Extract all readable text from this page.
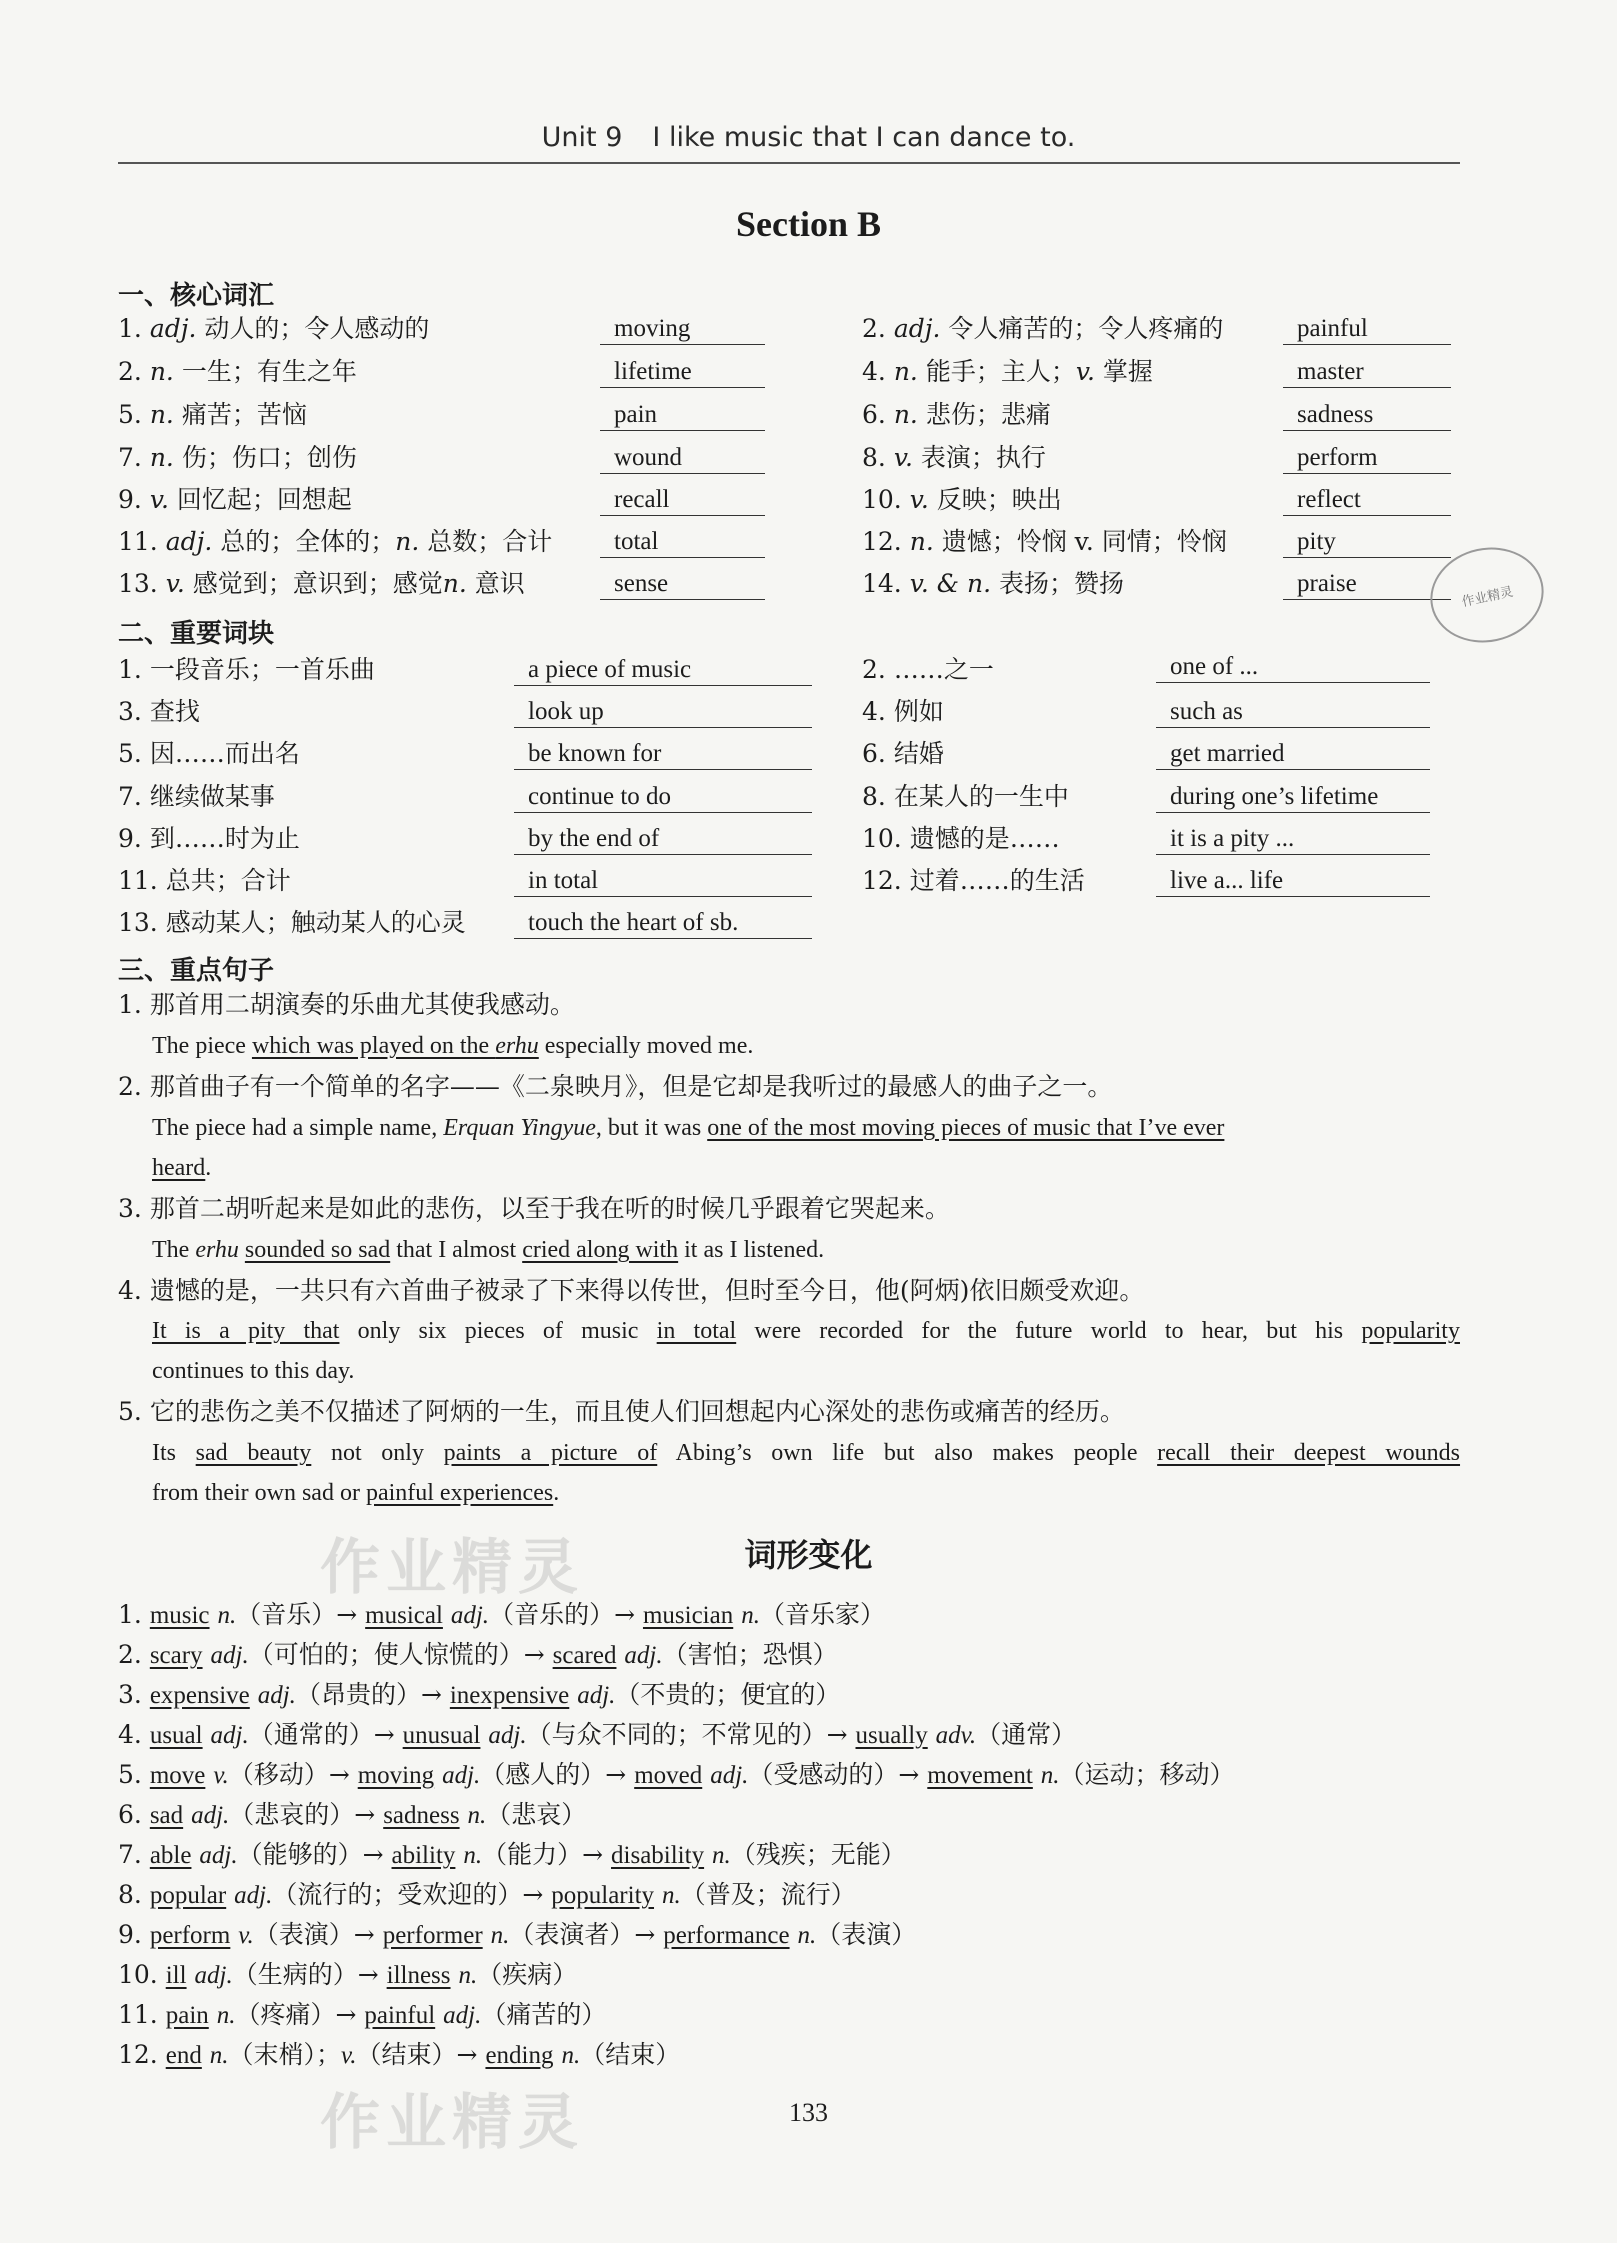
Unit 9 I like music that I can dance to.
Section B
一、核心词汇
1. adj. 动人的；令人感动的	moving	2. adj. 令人痛苦的；令人疼痛的	painful
2. n. 一生；有生之年	lifetime	4. n. 能手；主人；v. 掌握	master
5. n. 痛苦；苦恼	pain	6. n. 悲伤；悲痛	sadness
7. n. 伤；伤口；创伤	wound	8. v. 表演；执行	perform
9. v. 回忆起；回想起	recall	10. v. 反映；映出	reflect
11. adj. 总的；全体的；n. 总数；合计	total	12. n. 遗憾；怜悯 v. 同情；怜悯	pity
13. v. 感觉到；意识到；感觉n. 意识	sense	14. v. & n. 表扬；赞扬	praise	作业精灵
二、重要词块
1. 一段音乐；一首乐曲	a piece of music	2. ……之一	one of ...
3. 查找	look up	4. 例如	such as
5. 因……而出名	be known for	6. 结婚	get married
7. 继续做某事	continue to do	8. 在某人的一生中	during one’s lifetime
9. 到……时为止	by the end of	10. 遗憾的是……	it is a pity ...
11. 总共；合计	in total	12. 过着……的生活	live a... life
13. 感动某人；触动某人的心灵	touch the heart of sb.
三、重点句子
1. 那首用二胡演奏的乐曲尤其使我感动。
The piece which was played on the erhu especially moved me.
2. 那首曲子有一个简单的名字——《二泉映月》，但是它却是我听过的最感人的曲子之一。
The piece had a simple name, Erquan Yingyue, but it was one of the most moving pieces of music that I’ve ever
heard.
3. 那首二胡听起来是如此的悲伤，以至于我在听的时候几乎跟着它哭起来。
The erhu sounded so sad that I almost cried along with it as I listened.
4. 遗憾的是，一共只有六首曲子被录了下来得以传世，但时至今日，他(阿炳)依旧颇受欢迎。
It is a pity that only six pieces of music in total were recorded for the future world to hear, but his popularity
continues to this day.
5. 它的悲伤之美不仅描述了阿炳的一生，而且使人们回想起内心深处的悲伤或痛苦的经历。
Its sad beauty not only paints a picture of Abing’s own life but also makes people recall their deepest wounds
from their own sad or painful experiences.
词形变化
1. music n.（音乐）→ musical adj.（音乐的）→ musician n.（音乐家）
2. scary adj.（可怕的；使人惊慌的）→ scared adj.（害怕；恐惧）
3. expensive adj.（昂贵的）→ inexpensive adj.（不贵的；便宜的）
4. usual adj.（通常的）→ unusual adj.（与众不同的；不常见的）→ usually adv.（通常）
5. move v.（移动）→ moving adj.（感人的）→ moved adj.（受感动的）→ movement n.（运动；移动）
6. sad adj.（悲哀的）→ sadness n.（悲哀）
7. able adj.（能够的）→ ability n.（能力）→ disability n.（残疾；无能）
8. popular adj.（流行的；受欢迎的）→ popularity n.（普及；流行）
9. perform v.（表演）→ performer n.（表演者）→ performance n.（表演）
10. ill adj.（生病的）→ illness n.（疾病）
11. pain n.（疼痛）→ painful adj.（痛苦的）
12. end n.（末梢）；v.（结束）→ ending n.（结束）
作业精灵
作业精灵	133
